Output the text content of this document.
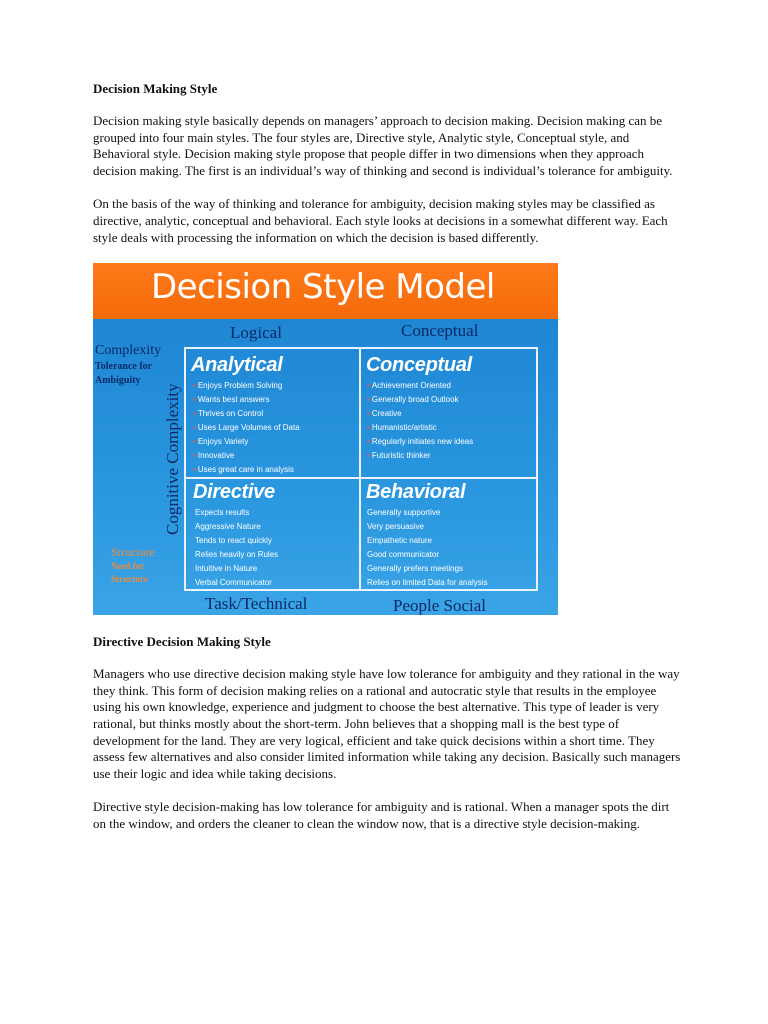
Decision Making Style

Decision making style basically depends on managers’ approach to decision making. Decision making can be grouped into four main styles. The four styles are, Directive style, Analytic style, Conceptual style, and Behavioral style. Decision making style propose that people differ in two dimensions when they approach decision making. The first is an individual’s way of thinking and second is individual’s tolerance for ambiguity.

On the basis of the way of thinking and tolerance for ambiguity, decision making styles may be classified as directive, analytic, conceptual and behavioral. Each style looks at decisions in a somewhat different way. Each style deals with processing the information on which the decision is based differently.

Decision Style Model
Logical	Conceptual
Complexity
Tolerance for
Ambiguity
Cognitive Complexity
Structure
Need for
Structure
Analytical
▪ Enjoys Problem Solving
▪ Wants best answers
▪ Thrives on Control
▪ Uses Large Volumes of Data
▪ Enjoys Variety
▪ Innovative
▪ Uses great care in analysis
Conceptual
▪ Achievement Oriented
▪ Generally broad Outlook
▪ Creative
▪ Humanistic/artistic
▪ Regularly initiates new ideas
▪ Futuristic thinker
Directive
Expects results
Aggressive Nature
Tends to react quickly
Relies heavily on Rules
Intuitive in Nature
Verbal Communicator
Behavioral
Generally supportive
Very persuasive
Empathetic nature
Good communicator
Generally prefers meetings
Relies on limited Data for analysis
Task/Technical	People Social
Directive Decision Making Style

Managers who use directive decision making style have low tolerance for ambiguity and they rational in the way they think. This form of decision making relies on a rational and autocratic style that results in the employee using his own knowledge, experience and judgment to choose the best alternative. This type of leader is very rational, but thinks mostly about the short-term. John believes that a shopping mall is the best type of development for the land. They are very logical, efficient and take quick decisions within a short time. They assess few alternatives and also consider limited information while taking any decision. Basically such managers use their logic and idea while taking decisions.

Directive style decision-making has low tolerance for ambiguity and is rational. When a manager spots the dirt on the window, and orders the cleaner to clean the window now, that is a directive style decision-making.
